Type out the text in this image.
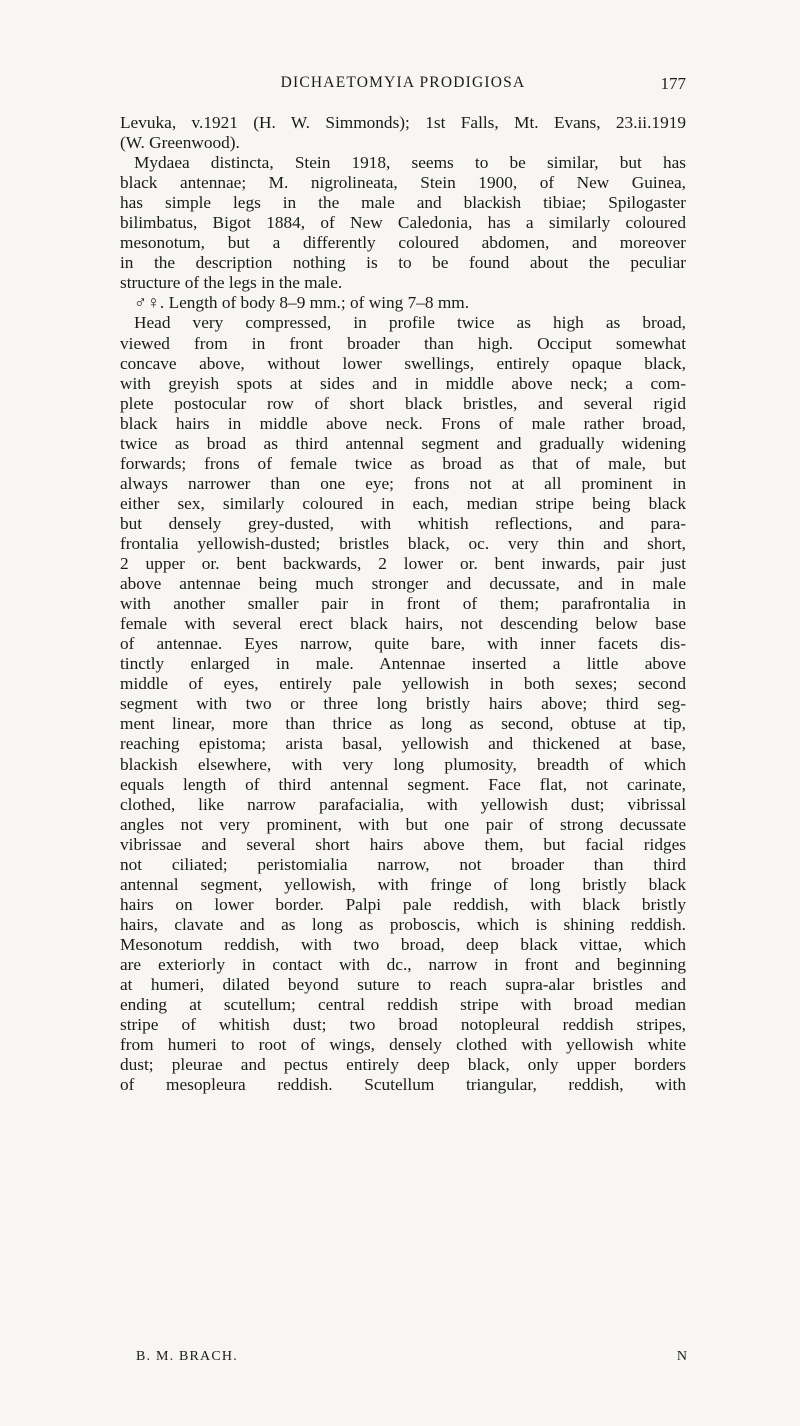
DICHAETOMYIA PRODIGIOSA	177
Levuka, v.1921 (H. W. Simmonds); 1st Falls, Mt. Evans, 23.ii.1919
(W. Greenwood).
Mydaea distincta, Stein 1918, seems to be similar, but has
black antennae; M. nigrolineata, Stein 1900, of New Guinea,
has simple legs in the male and blackish tibiae; Spilogaster
bilimbatus, Bigot 1884, of New Caledonia, has a similarly coloured
mesonotum, but a differently coloured abdomen, and moreover
in the description nothing is to be found about the peculiar
structure of the legs in the male.
♂♀. Length of body 8–9 mm.; of wing 7–8 mm.
Head very compressed, in profile twice as high as broad,
viewed from in front broader than high. Occiput somewhat
concave above, without lower swellings, entirely opaque black,
with greyish spots at sides and in middle above neck; a com-
plete postocular row of short black bristles, and several rigid
black hairs in middle above neck. Frons of male rather broad,
twice as broad as third antennal segment and gradually widening
forwards; frons of female twice as broad as that of male, but
always narrower than one eye; frons not at all prominent in
either sex, similarly coloured in each, median stripe being black
but densely grey-dusted, with whitish reflections, and para-
frontalia yellowish-dusted; bristles black, oc. very thin and short,
2 upper or. bent backwards, 2 lower or. bent inwards, pair just
above antennae being much stronger and decussate, and in male
with another smaller pair in front of them; parafrontalia in
female with several erect black hairs, not descending below base
of antennae. Eyes narrow, quite bare, with inner facets dis-
tinctly enlarged in male. Antennae inserted a little above
middle of eyes, entirely pale yellowish in both sexes; second
segment with two or three long bristly hairs above; third seg-
ment linear, more than thrice as long as second, obtuse at tip,
reaching epistoma; arista basal, yellowish and thickened at base,
blackish elsewhere, with very long plumosity, breadth of which
equals length of third antennal segment. Face flat, not carinate,
clothed, like narrow parafacialia, with yellowish dust; vibrissal
angles not very prominent, with but one pair of strong decussate
vibrissae and several short hairs above them, but facial ridges
not ciliated; peristomialia narrow, not broader than third
antennal segment, yellowish, with fringe of long bristly black
hairs on lower border. Palpi pale reddish, with black bristly
hairs, clavate and as long as proboscis, which is shining reddish.
Mesonotum reddish, with two broad, deep black vittae, which
are exteriorly in contact with dc., narrow in front and beginning
at humeri, dilated beyond suture to reach supra-alar bristles and
ending at scutellum; central reddish stripe with broad median
stripe of whitish dust; two broad notopleural reddish stripes,
from humeri to root of wings, densely clothed with yellowish white
dust; pleurae and pectus entirely deep black, only upper borders
of mesopleura reddish. Scutellum triangular, reddish, with
B. M. BRACH.	N
